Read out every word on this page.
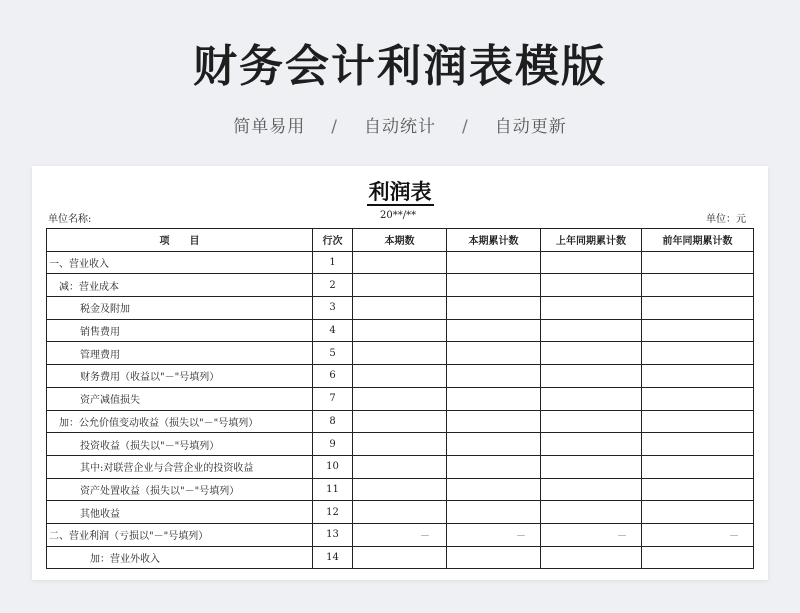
财务会计利润表模版
简单易用 / 自动统计 / 自动更新
利润表
单位名称:	20**/**	单位：元
项　　目	行次	本期数	本期累计数	上年同期累计数	前年同期累计数
一、营业收入	1				
减：营业成本	2				
税金及附加	3				
销售费用	4				
管理费用	5				
财务费用（收益以"－"号填列）	6				
资产减值损失	7				
加：公允价值变动收益（损失以"－"号填列）	8				
投资收益（损失以"－"号填列）	9				
其中:对联营企业与合营企业的投资收益	10				
资产处置收益（损失以"－"号填列）	11				
其他收益	12				
二、营业利润（亏损以"－"号填列）	13	－	－	－	－
加：营业外收入	14				
